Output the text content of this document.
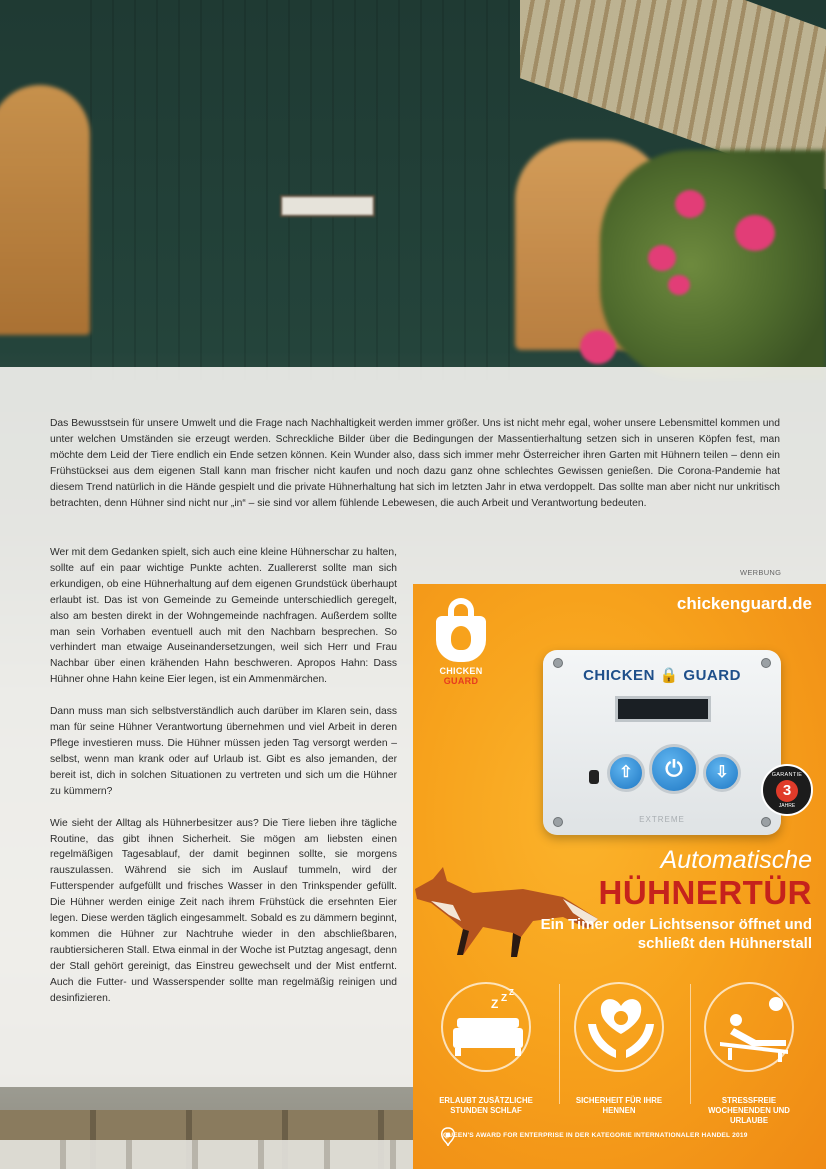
Das Bewusstsein für unsere Umwelt und die Frage nach Nachhaltigkeit werden immer größer. Uns ist nicht mehr egal, woher unsere Lebensmittel kommen und unter welchen Umständen sie erzeugt werden. Schreckliche Bilder über die Bedingungen der Massentierhaltung setzen sich in unseren Köpfen fest, man möchte dem Leid der Tiere endlich ein Ende setzen können. Kein Wunder also, dass sich immer mehr Österreicher ihren Garten mit Hühnern teilen – denn ein Frühstücksei aus dem eigenen Stall kann man frischer nicht kaufen und noch dazu ganz ohne schlechtes Gewissen genießen. Die Corona-Pandemie hat diesem Trend natürlich in die Hände gespielt und die private Hühnerhaltung hat sich im letzten Jahr in etwa verdoppelt. Das sollte man aber nicht nur unkritisch betrachten, denn Hühner sind nicht nur „in“ – sie sind vor allem fühlende Lebewesen, die auch Arbeit und Verantwortung bedeuten.

Wer mit dem Gedanken spielt, sich auch eine kleine Hühnerschar zu halten, sollte auf ein paar wichtige Punkte achten. Zuallererst sollte man sich erkundigen, ob eine Hühnerhaltung auf dem eigenen Grundstück überhaupt erlaubt ist. Das ist von Gemeinde zu Gemeinde unterschiedlich geregelt, also am besten direkt in der Wohngemeinde nachfragen. Außerdem sollte man sein Vorhaben eventuell auch mit den Nachbarn besprechen. So verhindert man etwaige Auseinandersetzungen, weil sich Herr und Frau Nachbar über einen krähenden Hahn beschweren. Apropos Hahn: Dass Hühner ohne Hahn keine Eier legen, ist ein Ammenmärchen.

Dann muss man sich selbstverständlich auch darüber im Klaren sein, dass man für seine Hühner Verantwortung übernehmen und viel Arbeit in deren Pflege investieren muss. Die Hühner müssen jeden Tag versorgt werden – selbst, wenn man krank oder auf Urlaub ist. Gibt es also jemanden, der bereit ist, dich in solchen Situationen zu vertreten und sich um die Hühner zu kümmern?

Wie sieht der Alltag als Hühnerbesitzer aus? Die Tiere lieben ihre tägliche Routine, das gibt ihnen Sicherheit. Sie mögen am liebsten einen regelmäßigen Tagesablauf, der damit beginnen sollte, sie morgens rauszulassen. Während sie sich im Auslauf tummeln, wird der Futterspender aufgefüllt und frisches Wasser in den Trinkspender gefüllt. Die Hühner werden einige Zeit nach ihrem Frühstück die ersehnten Eier legen. Diese werden täglich eingesammelt. Sobald es zu dämmern beginnt, kommen die Hühner zur Nachtruhe wieder in den abschließbaren, raubtiersicheren Stall. Etwa einmal in der Woche ist Putztag angesagt, denn der Stall gehört gereinigt, das Einstreu gewechselt und der Mist entfernt. Auch die Futter- und Wasserspender sollte man regelmäßig reinigen und desinfizieren.

WERBUNG
chickenguard.de
CHICKEN
GUARD	CHICKEN 🔒 GUARD
⇧	⏻	⇩
EXTREME
GARANTIE
3
JAHRE
Automatische
HÜHNERTÜR
Ein Timer oder Lichtsensor öffnet und schließt den Hühnerstall
Z Z
Z
ERLAUBT ZUSÄTZLICHE STUNDEN SCHLAF
SICHERHEIT FÜR IHRE HENNEN
STRESSFREIE WOCHENENDEN UND URLAUBE
QUEEN'S AWARD FOR ENTERPRISE IN DER KATEGORIE INTERNATIONALER HANDEL 2019
